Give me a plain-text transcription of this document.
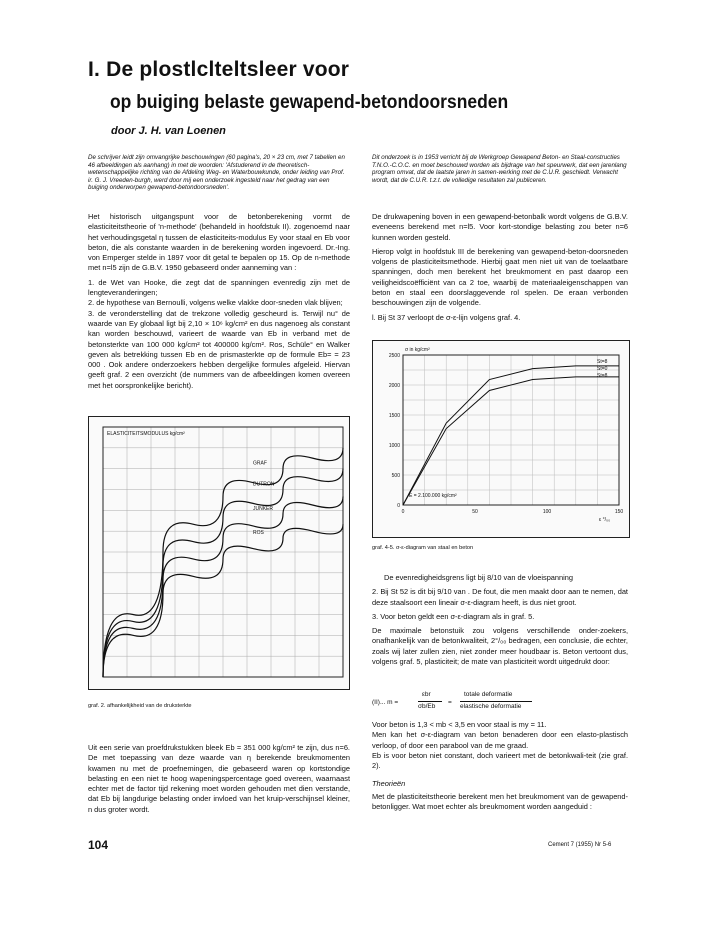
I. De plostlclteltsleer voor
op buiging belaste gewapend-betondoorsneden
door J. H. van Loenen
De schrijver leidt zijn omvangrijke beschouwingen (60 pagina's, 20 × 23 cm, met 7 tabellen en 46 afbeeldingen als aanhang) in met de woorden: 'Afstuderend in de theoretisch-wetenschappelijke richting van de Afdeling Weg- en Waterbouwkunde, onder leiding van Prof. ir. G. J. Vreeden-burgh, werd door mij een onderzoek ingesteld naar het gedrag van een buiging onderworpen gewapend-betondoorsneden'.
Dit onderzoek is in 1953 verricht bij de Werkgroep Gewapend Beton- en Staal-constructies T.N.O.-C.O.C. en moet beschouwd worden als bijdrage van het speurwerk, dat een jarenlang program omvat, dat de laatste jaren in samen-werking met de C.U.R. geschiedt. Verwacht wordt, dat de C.U.R. t.z.t. de volledige resultaten zal publiceren.

Het historisch uitgangspunt voor de betonberekening vormt de elasticiteitstheorie of 'n-methode' (behandeld in hoofdstuk II). zogenoemd naar het verhoudingsgetal η tussen de elasticiteits-modulus Ey voor staal en Eb voor beton, die als constante waarden in de berekening worden ingevoerd. Dr.-Ing. von Emperger stelde in 1897 voor dit getal te bepalen op 15. Op de n-methode met n=l5 zijn de G.B.V. 1950 gebaseerd onder aanneming van :

1. de Wet van Hooke, die zegt dat de spanningen evenredig zijn met de lengteveranderingen;
2. de hypothese van Bernoulli, volgens welke vlakke door-sneden vlak blijven;
3. de veronderstelling dat de trekzone volledig gescheurd is. Terwijl nu° de waarde van Ey globaal ligt bij 2,10 × 10⁶ kg/cm² en dus nagenoeg als constant kan worden beschouwd, varieert de waarde van Eb in verband met de betonsterkte van 100 000 kg/cm² tot 400000 kg/cm². Ros, Schüle° en Walker geven als betrekking tussen Eb en de prismasterkte σp de formule Eb= = 23 000 . Ook andere onderzoekers hebben dergelijke formules afgeleid. Hiervan geeft graf. 2 een overzicht (de nummers van de afbeeldingen komen overeen met het oorspronkelijke bericht).
GRAF
DUTRON
JUNKER
ROS
ELASTICITEITSMODULUS kg/cm²
graf. 2. afhankelijkheid van de druksterkte
Uit een serie van proefdrukstukken bleek Eb = 351 000 kg/cm² te zijn, dus n=6. De met toepassing van deze waarde van η berekende breukmomenten kwamen nu met de proefnemingen, die gebaseerd waren op kortstondige belasting en een niet te hoog wapeningspercentage goed overeen, waarnaast echter met de factor tijd rekening moet worden gehouden met dien verstande, dat Eb bij langdurige belasting onder invloed van het kruip-verschijnsel kleiner, n dus groter wordt.

De drukwapening boven in een gewapend-betonbalk wordt volgens de G.B.V. eveneens berekend met n=l5. Voor kort-stondige belasting zou beter n=6 kunnen worden gesteld.

Hierop volgt in hoofdstuk III de berekening van gewapend-beton-doorsneden volgens de plasticiteitsmethode. Hierbij gaat men niet uit van de toelaatbare spanningen, doch men berekent het breukmoment en past daarop een veiligheidscoëfficiënt van ca 2 toe, waarbij de materiaaleigenschappen van beton en staal een doorslaggevende rol spelen. De eraan verbonden beschouwingen zijn de volgende.

l. Bij St 37 verloopt de σ-ε-lijn volgens graf. 4.

0
500
1000
1500
2000
2500
0	50	100	150
σ in kg/cm²
ε °/₀₀
St=8
St=0
St=8
E = 2.100.000 kg/cm²
graf. 4-5. σ-ε-diagram van staal en beton

De evenredigheidsgrens ligt bij 8/10 van de vloeispanning

2. Bij St 52 is dit bij 9/10 van . De fout, die men maakt door aan te nemen, dat deze staalsoort een lineair σ-ε-diagram heeft, is dus niet groot.

3. Voor beton geldt een σ-ε-diagram als in graf. 5.

De maximale betonstuik zou volgens verschillende onder-zoekers, onafhankelijk van de betonkwaliteit, 2°/₀₀ bedragen, een conclusie, die echter, zoals wij later zullen zien, niet zonder meer houdbaar is. Beton vertoont dus, volgens graf. 5, plasticiteit; de mate van plasticiteit wordt uitgedrukt door:

(II)... m =
εbr
σb/Eb
=
totale deformatie
elastische deformatie
Voor beton is 1,3 < mb < 3,5 en voor staal is my = 11.
Men kan het σ-ε-diagram van beton benaderen door een elasto-plastisch verloop, of door een parabool van de me graad.
Eb is voor beton niet constant, doch varieert met de betonkwali-teit (zie graf. 2).
Theorieën
Met de plasticiteitstheorie berekent men het breukmoment van de gewapend-betonligger. Wat moet echter als breukmoment worden aangeduid :
104	Cement 7 (1955) Nr 5-6
